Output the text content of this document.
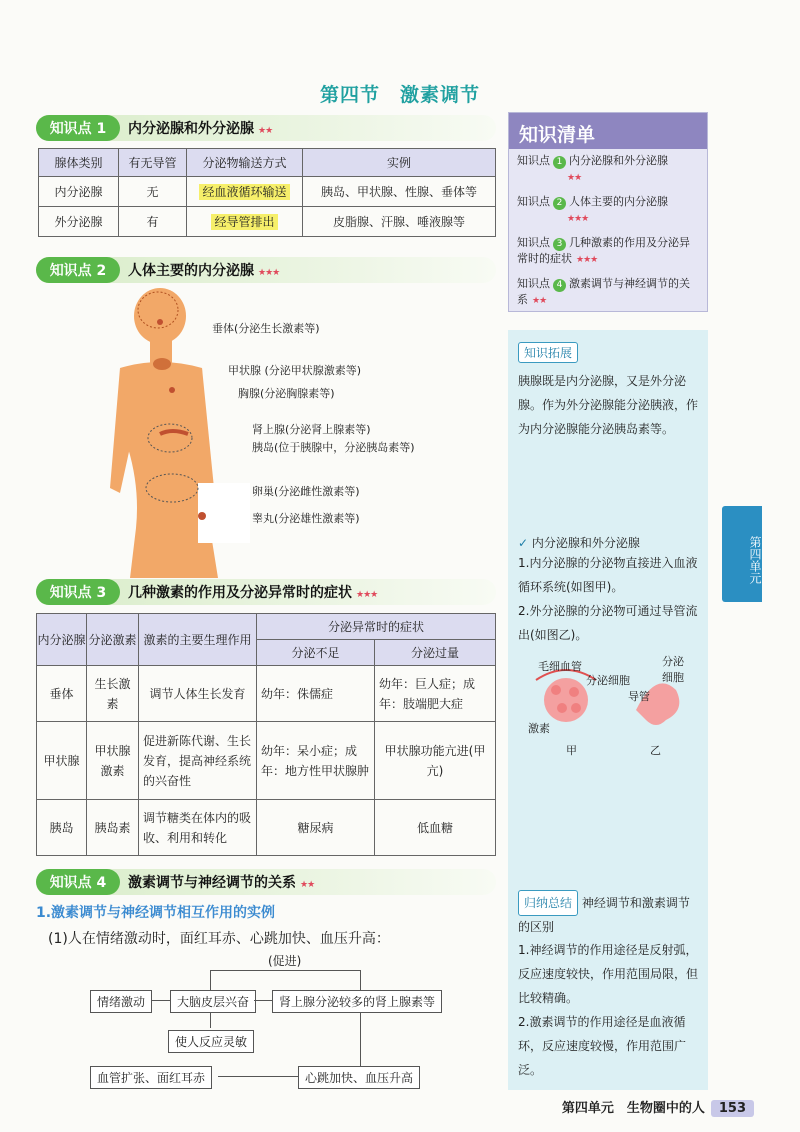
第四节　激素调节
知识点 1	内分泌腺和外分泌腺 ★★
腺体类别	有无导管	分泌物输送方式	实例
内分泌腺	无	经血液循环输送	胰岛、甲状腺、性腺、垂体等
外分泌腺	有	经导管排出	皮脂腺、汗腺、唾液腺等
知识点 2	人体主要的内分泌腺 ★★★
垂体(分泌生长激素等)
甲状腺 (分泌甲状腺激素等)
胸腺(分泌胸腺素等)
肾上腺(分泌肾上腺素等)
胰岛(位于胰腺中，分泌胰岛素等)
卵巢(分泌雌性激素等)
睾丸(分泌雄性激素等)
知识点 3	几种激素的作用及分泌异常时的症状 ★★★
内分泌腺	分泌激素	激素的主要生理作用	分泌异常时的症状	
			分泌不足	分泌过量
垂体	生长激素	调节人体生长发育	幼年：侏儒症	幼年：巨人症；成年：肢端肥大症
甲状腺	甲状腺激素	促进新陈代谢、生长发育，提高神经系统的兴奋性	幼年：呆小症；成年：地方性甲状腺肿	甲状腺功能亢进(甲亢)
胰岛	胰岛素	调节糖类在体内的吸收、利用和转化	糖尿病	低血糖
知识点 4	激素调节与神经调节的关系 ★★
1.激素调节与神经调节相互作用的实例
(1)人在情绪激动时，面红耳赤、心跳加快、血压升高：
(促进)
情绪激动	大脑皮层兴奋	肾上腺分泌较多的肾上腺素等
使人反应灵敏
血管扩张、面红耳赤	心跳加快、血压升高
知识清单
知识点 1 内分泌腺和外分泌腺
★★
知识点 2 人体主要的内分泌腺
★★★
知识点 3 几种激素的作用及分泌异常时的症状 ★★★
知识点 4 激素调节与神经调节的关系 ★★
知识拓展
胰腺既是内分泌腺，又是外分泌腺。作为外分泌腺能分泌胰液，作为内分泌腺能分泌胰岛素等。
✓ 内分泌腺和外分泌腺
1.内分泌腺的分泌物直接进入血液循环系统(如图甲)。
2.外分泌腺的分泌物可通过导管流出(如图乙)。
毛细血管
分泌细胞
激素
甲
分泌细胞
导管
乙
归纳总结 神经调节和激素调节的区别
1.神经调节的作用途径是反射弧，反应速度较快，作用范围局限，但比较精确。
2.激素调节的作用途径是血液循环，反应速度较慢，作用范围广泛。
第四单元
第四单元　生物圈中的人 153
